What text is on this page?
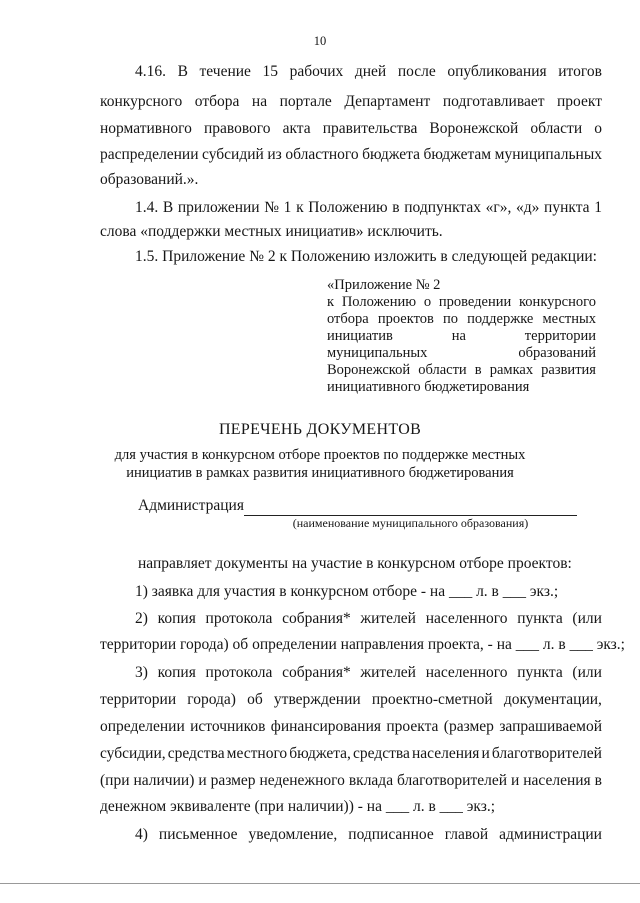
10
4.16. В течение 15 рабочих дней после опубликования итогов
конкурсного отбора на портале Департамент подготавливает проект
нормативного правового акта правительства Воронежской области о
распределении субсидий из областного бюджета бюджетам муниципальных
образований.».
1.4. В приложении № 1 к Положению в подпунктах «г», «д» пункта 1
слова «поддержки местных инициатив» исключить.
1.5. Приложение № 2 к Положению изложить в следующей редакции:
«Приложение № 2
к Положению о проведении конкурсного
отбора проектов по поддержке местных
инициатив	на	территории
муниципальных	образований
Воронежской области в рамках развития
инициативного бюджетирования
ПЕРЕЧЕНЬ ДОКУМЕНТОВ
для участия в конкурсном отборе проектов по поддержке местных
инициатив в рамках развития инициативного бюджетирования
Администрация
(наименование муниципального образования)
направляет документы на участие в конкурсном отборе проектов:
1) заявка для участия в конкурсном отборе - на ___ л. в ___ экз.;
2) копия протокола собрания* жителей населенного пункта (или
территории города) об определении направления проекта, - на ___ л. в ___ экз.;
3) копия протокола собрания* жителей населенного пункта (или
территории города) об утверждении проектно-сметной документации,
определении источников финансирования проекта (размер запрашиваемой
субсидии, средства местного бюджета, средства населения и благотворителей
(при наличии) и размер неденежного вклада благотворителей и населения в
денежном эквиваленте (при наличии)) - на ___ л. в ___ экз.;
4) письменное уведомление, подписанное главой администрации
